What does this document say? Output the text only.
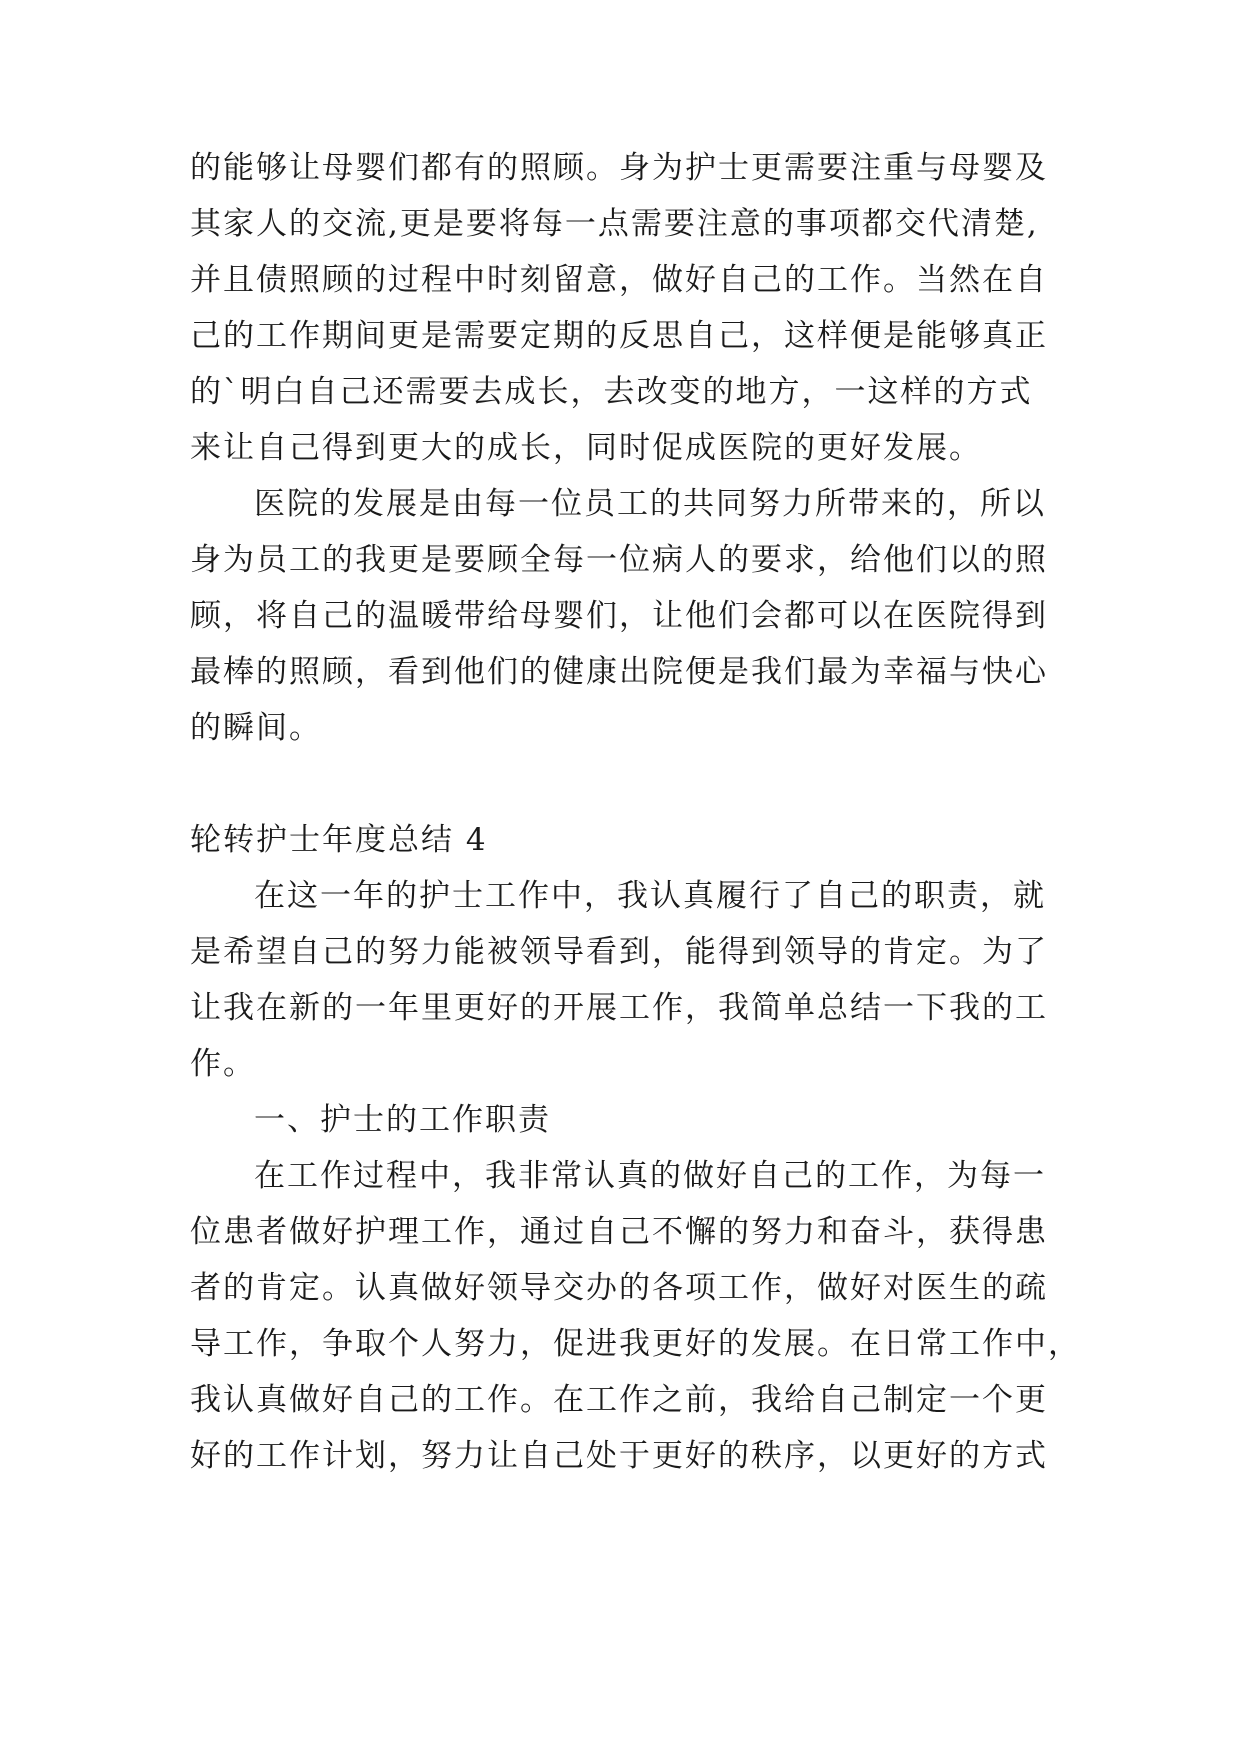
的能够让母婴们都有的照顾。身为护士更需要注重与母婴及
其家人的交流,更是要将每一点需要注意的事项都交代清楚,
并且债照顾的过程中时刻留意，做好自己的工作。当然在自
己的工作期间更是需要定期的反思自己，这样便是能够真正
的`明白自己还需要去成长，去改变的地方，一这样的方式
来让自己得到更大的成长，同时促成医院的更好发展。
医院的发展是由每一位员工的共同努力所带来的，所以
身为员工的我更是要顾全每一位病人的要求，给他们以的照
顾，将自己的温暖带给母婴们，让他们会都可以在医院得到
最棒的照顾，看到他们的健康出院便是我们最为幸福与快心
的瞬间。
轮转护士年度总结 4
在这一年的护士工作中，我认真履行了自己的职责，就
是希望自己的努力能被领导看到，能得到领导的肯定。为了
让我在新的一年里更好的开展工作，我简单总结一下我的工
作。
一、护士的工作职责
在工作过程中，我非常认真的做好自己的工作，为每一
位患者做好护理工作，通过自己不懈的努力和奋斗，获得患
者的肯定。认真做好领导交办的各项工作，做好对医生的疏
导工作，争取个人努力，促进我更好的发展。在日常工作中，
我认真做好自己的工作。在工作之前，我给自己制定一个更
好的工作计划，努力让自己处于更好的秩序，以更好的方式
